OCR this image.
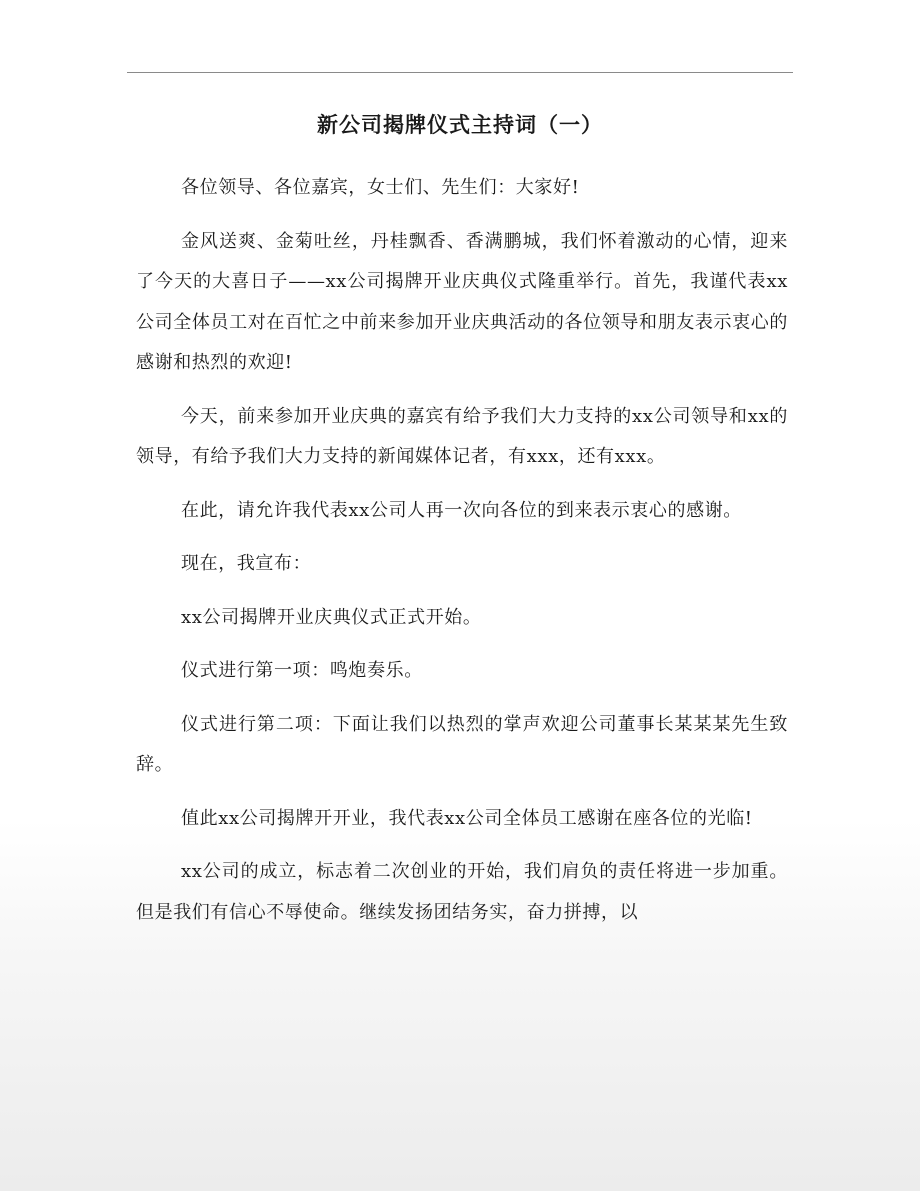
新公司揭牌仪式主持词（一）

各位领导、各位嘉宾，女士们、先生们：大家好!

金风送爽、金菊吐丝，丹桂飘香、香满鹏城，我们怀着激动的心情，迎来了今天的大喜日子——xx公司揭牌开业庆典仪式隆重举行。首先，我谨代表xx公司全体员工对在百忙之中前来参加开业庆典活动的各位领导和朋友表示衷心的感谢和热烈的欢迎!

今天，前来参加开业庆典的嘉宾有给予我们大力支持的xx公司领导和xx的领导，有给予我们大力支持的新闻媒体记者，有xxx，还有xxx。

在此，请允许我代表xx公司人再一次向各位的到来表示衷心的感谢。

现在，我宣布：

xx公司揭牌开业庆典仪式正式开始。

仪式进行第一项：鸣炮奏乐。

仪式进行第二项：下面让我们以热烈的掌声欢迎公司董事长某某某先生致辞。

值此xx公司揭牌开开业，我代表xx公司全体员工感谢在座各位的光临!

xx公司的成立，标志着二次创业的开始，我们肩负的责任将进一步加重。但是我们有信心不辱使命。继续发扬团结务实，奋力拼搏，以
